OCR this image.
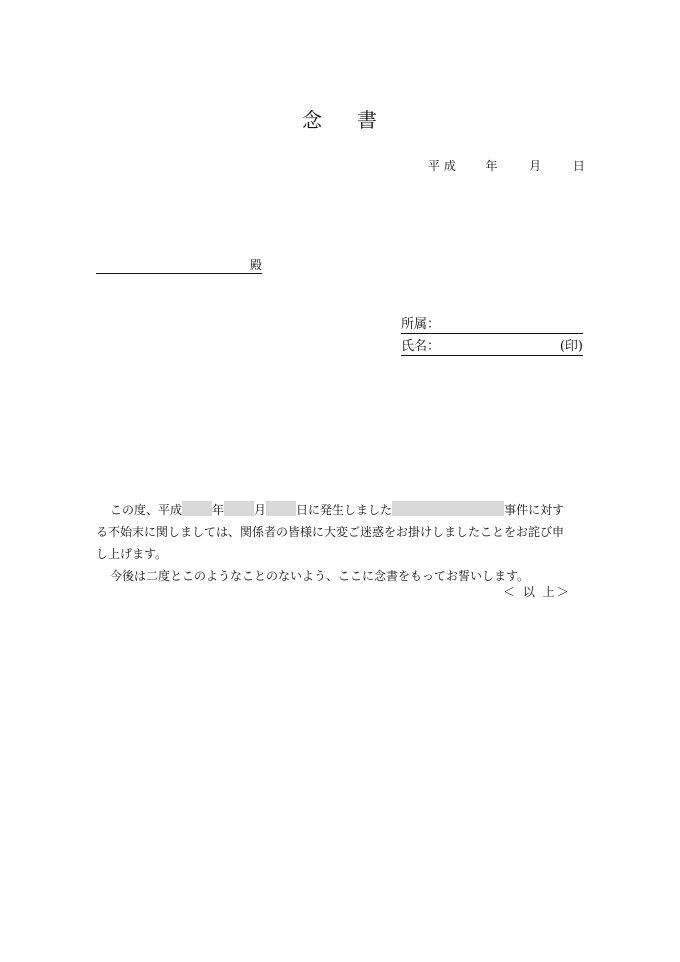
念 書
平 成 年	月	日
殿
所属：
氏名：	(印)
この度、平成	年	月	日に発生しました	事件に対す
る不始末に関しましては、関係者の皆様に大変ご迷惑をお掛けしましたことをお詫び申
し上げます。
今後は二度とこのようなことのないよう、ここに念書をもってお誓いします。
＜ 以 上＞
